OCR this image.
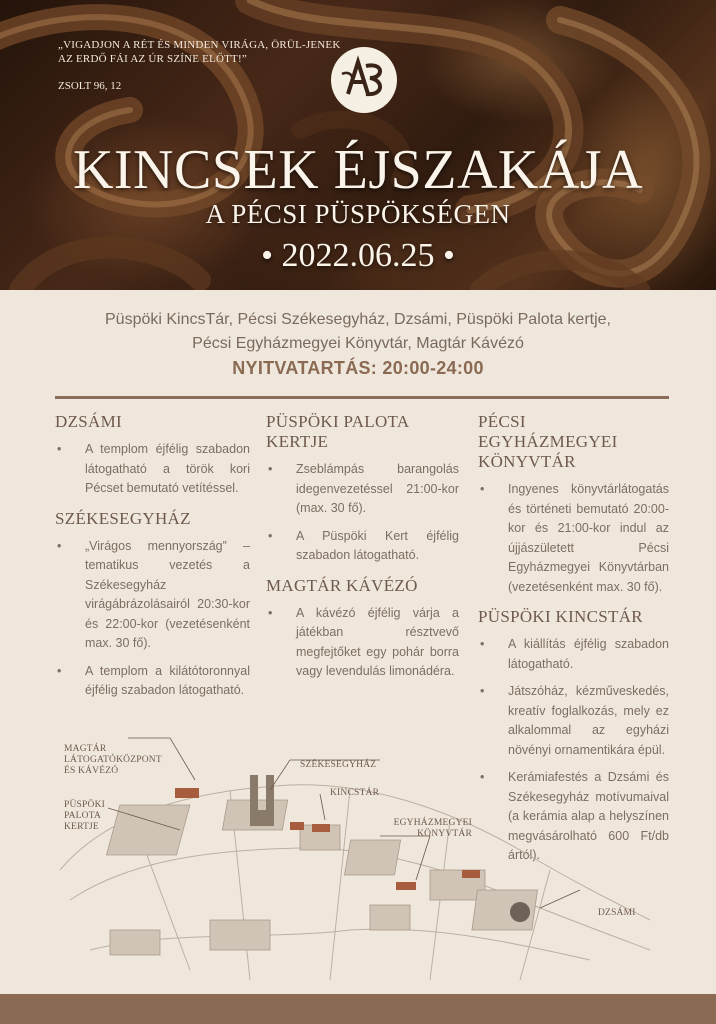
„VIGADJON A RÉT ÉS MINDEN VIRÁGA, ÖRÜL-JENEK AZ ERDŐ FÁI AZ ÚR SZÍNE ELŐTT!”
ZSOLT 96, 12
KINCSEK ÉJSZAKÁJA
A PÉCSI PÜSPÖKSÉGEN
• 2022.06.25 •
Püspöki KincsTár, Pécsi Székesegyház, Dzsámi, Püspöki Palota kertje,
Pécsi Egyházmegyei Könyvtár, Magtár Kávézó
NYITVATARTÁS: 20:00-24:00
DZSÁMI
• A templom éjfélig szabadon látogatható a török kori Pécset bemutató vetítéssel.
SZÉKESEGYHÁZ
• „Virágos mennyország” – tematikus vezetés a Székesegyház virágábrázolásairól 20:30-kor és 22:00-kor (vezetésenként max. 30 fő).
• A templom a kilátótoronnyal éjfélig szabadon látogatható.
PÜSPÖKI PALOTA KERTJE
• Zseblámpás barangolás idegenvezetéssel 21:00-kor (max. 30 fő).
• A Püspöki Kert éjfélig szabadon látogatható.
MAGTÁR KÁVÉZÓ
• A kávézó éjfélig várja a játékban résztvevő megfejtőket egy pohár borra vagy levendulás limonádéra.
PÉCSI EGYHÁZMEGYEI KÖNYVTÁR
• Ingyenes könyvtárlátogatás és történeti bemutató 20:00-kor és 21:00-kor indul az újjászületett Pécsi Egyházmegyei Könyvtárban (vezetésenként max. 30 fő).
PÜSPÖKI KINCSTÁR
• A kiállítás éjfélig szabadon látogatható.
• Játszóház, kézműveskedés, kreatív foglalkozás, mely ez alkalommal az egyházi növényi ornamentikára épül.
• Kerámiafestés a Dzsámi és Székesegyház motívumaival (a kerámia alap a helyszínen megvásárolható 600 Ft/db ártól).
MAGTÁR LÁTOGATÓKÖZPONT ÉS KÁVÉZÓ
PÜSPÖKI PALOTA KERTJE
SZÉKESEGYHÁZ
KINCSTÁR
EGYHÁZMEGYEI KÖNYVTÁR
DZSÁMI
